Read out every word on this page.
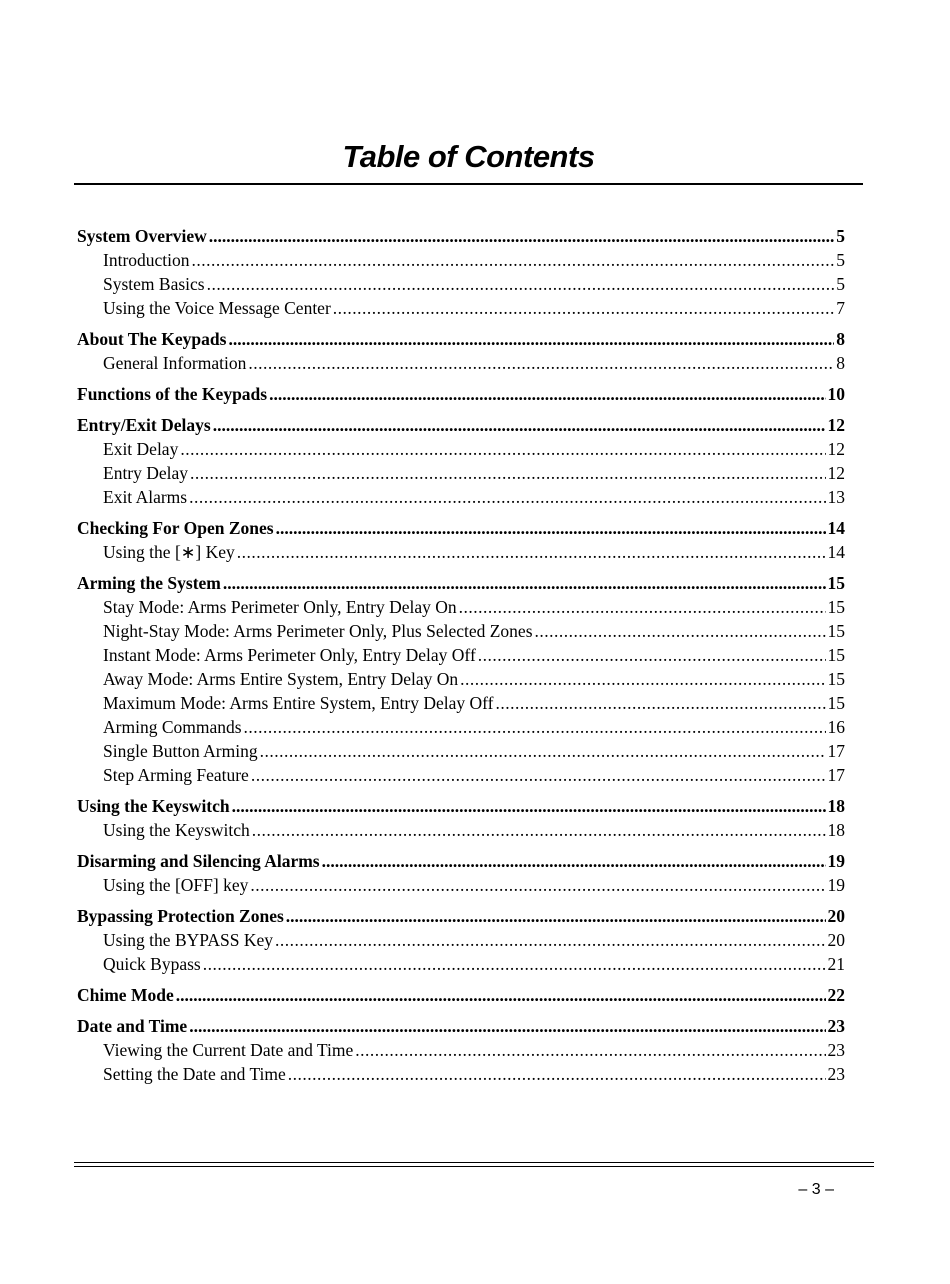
Table of Contents
System Overview .....	5
Introduction .....	5
System Basics .....	5
Using the Voice Message Center .....	7
About The Keypads .....	8
General Information .....	8
Functions of the Keypads .....	10
Entry/Exit Delays .....	12
Exit Delay .....	12
Entry Delay .....	12
Exit Alarms .....	13
Checking For Open Zones .....	14
Using the [∗] Key .....	14
Arming the System .....	15
Stay Mode: Arms Perimeter Only, Entry Delay On .....	15
Night-Stay Mode: Arms Perimeter Only, Plus Selected Zones .....	15
Instant Mode: Arms Perimeter Only, Entry Delay Off .....	15
Away Mode: Arms Entire System, Entry Delay On .....	15
Maximum Mode: Arms Entire System, Entry Delay Off .....	15
Arming Commands .....	16
Single Button Arming .....	17
Step Arming Feature .....	17
Using the Keyswitch .....	18
Using the Keyswitch .....	18
Disarming and Silencing Alarms .....	19
Using the [OFF] key .....	19
Bypassing Protection Zones .....	20
Using the BYPASS Key .....	20
Quick Bypass .....	21
Chime Mode .....	22
Date and Time .....	23
Viewing the Current Date and Time .....	23
Setting the Date and Time .....	23
– 3 –
